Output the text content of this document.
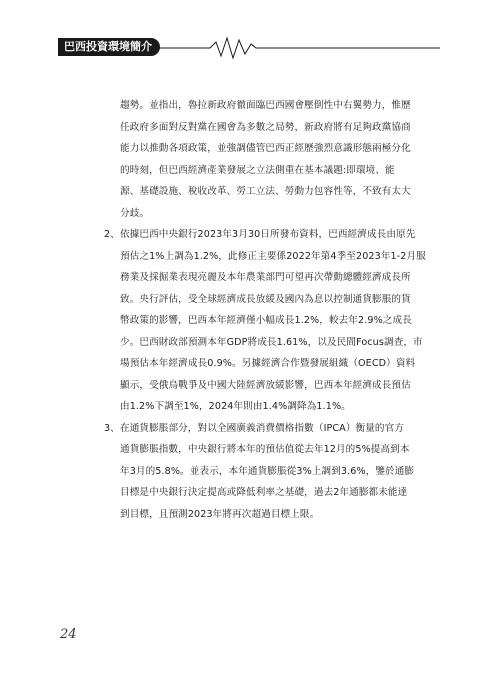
巴西投資環境簡介

趨勢。並指出，魯拉新政府徹面臨巴西國會壓倒性中右翼勢力，惟歷
任政府多面對反對黨在國會為多數之局勢，新政府將有足夠政黨協商
能力以推動各項政策，並強調儘管巴西正經歷強烈意識形態兩極分化
的時刻，但巴西經濟產業發展之立法側重在基本議題:即環境、能
源、基礎設施、稅收改革、勞工立法、勞動力包容性等，不致有太大
分歧。

2、 依據巴西中央銀行2023年3月30日所發布資料，巴西經濟成長由原先
預估之1%上調為1.2%，此修正主要係2022年第4季至2023年1-2月服
務業及採掘業表現亮麗及本年農業部門可望再次帶動總體經濟成長所
致。央行評估，受全球經濟成長放緩及國內為息以控制通貨膨脹的貨
幣政策的影響，巴西本年經濟僅小幅成長1.2%，較去年2.9%之成長
少。巴西財政部預測本年GDP將成長1.61%，以及民間Focus調查，市
場預估本年經濟成長0.9%。另據經濟合作暨發展組織（OECD）資料
顯示，受俄烏戰爭及中國大陸經濟放緩影響，巴西本年經濟成長預估
由1.2%下調至1%，2024年則由1.4%調降為1.1%。

3、 在通貨膨脹部分，對以全國廣義消費價格指數（IPCA）衡量的官方
通貨膨脹指數，中央銀行將本年的預估值從去年12月的5%提高到本
年3月的5.8%。並表示，本年通貨膨脹從3%上調到3.6%，鑒於通膨
目標是中央銀行決定提高或降低利率之基礎，過去2年通膨都未能達
到目標，且預測2023年將再次超過目標上限。

24
